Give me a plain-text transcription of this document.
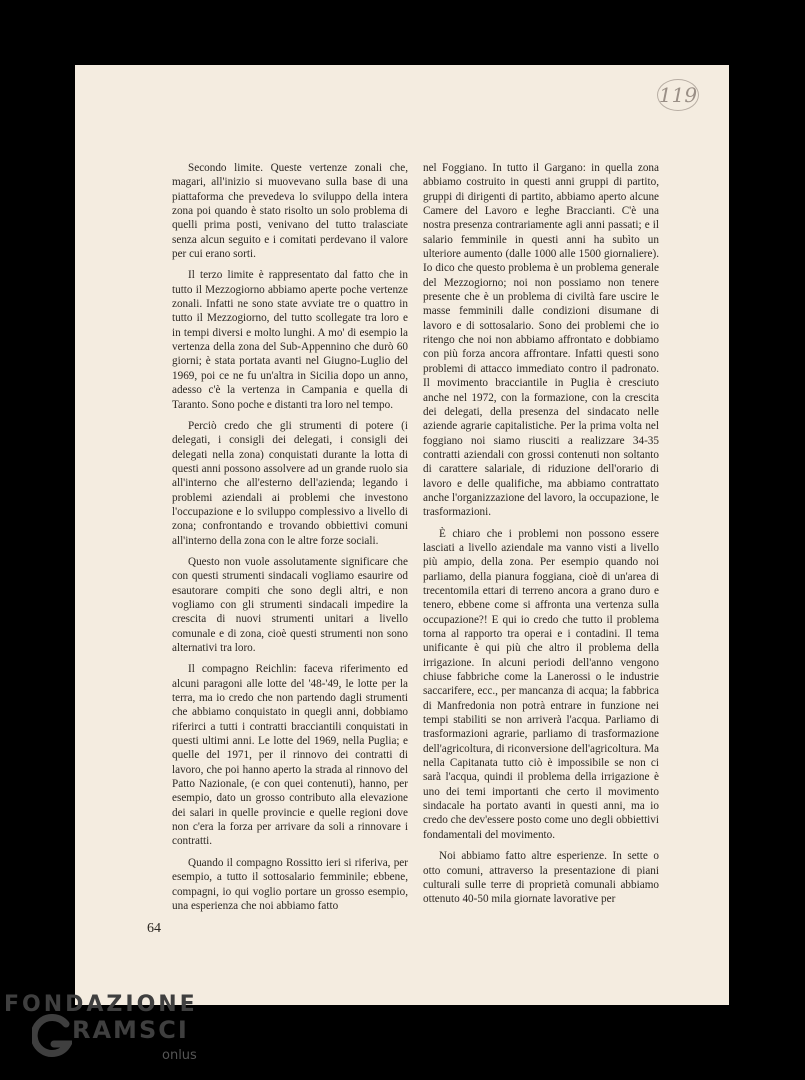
119

Secondo limite. Queste vertenze zonali che, magari, all'inizio si muovevano sulla base di una piattaforma che prevedeva lo sviluppo della intera zona poi quando è stato risolto un solo problema di quelli prima posti, venivano del tutto tralasciate senza alcun seguito e i comitati perdevano il valore per cui erano sorti.

Il terzo limite è rappresentato dal fatto che in tutto il Mezzogiorno abbiamo aperte poche vertenze zonali. Infatti ne sono state avviate tre o quattro in tutto il Mezzogiorno, del tutto scollegate tra loro e in tempi diversi e molto lunghi. A mo' di esempio la vertenza della zona del Sub-Appennino che durò 60 giorni; è stata portata avanti nel Giugno-Luglio del 1969, poi ce ne fu un'altra in Sicilia dopo un anno, adesso c'è la vertenza in Campania e quella di Taranto. Sono poche e distanti tra loro nel tempo.

Perciò credo che gli strumenti di potere (i delegati, i consigli dei delegati, i consigli dei delegati nella zona) conquistati durante la lotta di questi anni possono assolvere ad un grande ruolo sia all'interno che all'esterno dell'azienda; legando i problemi aziendali ai problemi che investono l'occupazione e lo sviluppo complessivo a livello di zona; confrontando e trovando obbiettivi comuni all'interno della zona con le altre forze sociali.

Questo non vuole assolutamente significare che con questi strumenti sindacali vogliamo esaurire od esautorare compiti che sono degli altri, e non vogliamo con gli strumenti sindacali impedire la crescita di nuovi strumenti unitari a livello comunale e di zona, cioè questi strumenti non sono alternativi tra loro.

Il compagno Reichlin: faceva riferimento ed alcuni paragoni alle lotte del '48-'49, le lotte per la terra, ma io credo che non partendo dagli strumenti che abbiamo conquistato in quegli anni, dobbiamo riferirci a tutti i contratti bracciantili conquistati in questi ultimi anni. Le lotte del 1969, nella Puglia; e quelle del 1971, per il rinnovo dei contratti di lavoro, che poi hanno aperto la strada al rinnovo del Patto Nazionale, (e con quei contenuti), hanno, per esempio, dato un grosso contributo alla elevazione dei salari in quelle provincie e quelle regioni dove non c'era la forza per arrivare da soli a rinnovare i contratti.

Quando il compagno Rossitto ieri si riferiva, per esempio, a tutto il sottosalario femminile; ebbene, compagni, io qui voglio portare un grosso esempio, una esperienza che noi abbiamo fatto

nel Foggiano. In tutto il Gargano: in quella zona abbiamo costruito in questi anni gruppi di partito, gruppi di dirigenti di partito, abbiamo aperto alcune Camere del Lavoro e leghe Braccianti. C'è una nostra presenza contrariamente agli anni passati; e il salario femminile in questi anni ha subìto un ulteriore aumento (dalle 1000 alle 1500 giornaliere). Io dico che questo problema è un problema generale del Mezzogiorno; noi non possiamo non tenere presente che è un problema di civiltà fare uscire le masse femminili dalle condizioni disumane di lavoro e di sottosalario. Sono dei problemi che io ritengo che noi non abbiamo affrontato e dobbiamo con più forza ancora affrontare. Infatti questi sono problemi di attacco immediato contro il padronato. Il movimento bracciantile in Puglia è cresciuto anche nel 1972, con la formazione, con la crescita dei delegati, della presenza del sindacato nelle aziende agrarie capitalistiche. Per la prima volta nel foggiano noi siamo riusciti a realizzare 34-35 contratti aziendali con grossi contenuti non soltanto di carattere salariale, di riduzione dell'orario di lavoro e delle qualifiche, ma abbiamo contrattato anche l'organizzazione del lavoro, la occupazione, le trasformazioni.

È chiaro che i problemi non possono essere lasciati a livello aziendale ma vanno visti a livello più ampio, della zona. Per esempio quando noi parliamo, della pianura foggiana, cioè di un'area di trecentomila ettari di terreno ancora a grano duro e tenero, ebbene come si affronta una vertenza sulla occupazione?! E qui io credo che tutto il problema torna al rapporto tra operai e i contadini. Il tema unificante è qui più che altro il problema della irrigazione. In alcuni periodi dell'anno vengono chiuse fabbriche come la Lanerossi o le industrie saccarifere, ecc., per mancanza di acqua; la fabbrica di Manfredonia non potrà entrare in funzione nei tempi stabiliti se non arriverà l'acqua. Parliamo di trasformazioni agrarie, parliamo di trasformazione dell'agricoltura, di riconversione dell'agricoltura. Ma nella Capitanata tutto ciò è impossibile se non ci sarà l'acqua, quindi il problema della irrigazione è uno dei temi importanti che certo il movimento sindacale ha portato avanti in questi anni, ma io credo che dev'essere posto come uno degli obbiettivi fondamentali del movimento.

Noi abbiamo fatto altre esperienze. In sette o otto comuni, attraverso la presentazione di piani culturali sulle terre di proprietà comunali abbiamo ottenuto 40-50 mila giornate lavorative per

64
FONDAZIONE
RAMSCI
onlus
